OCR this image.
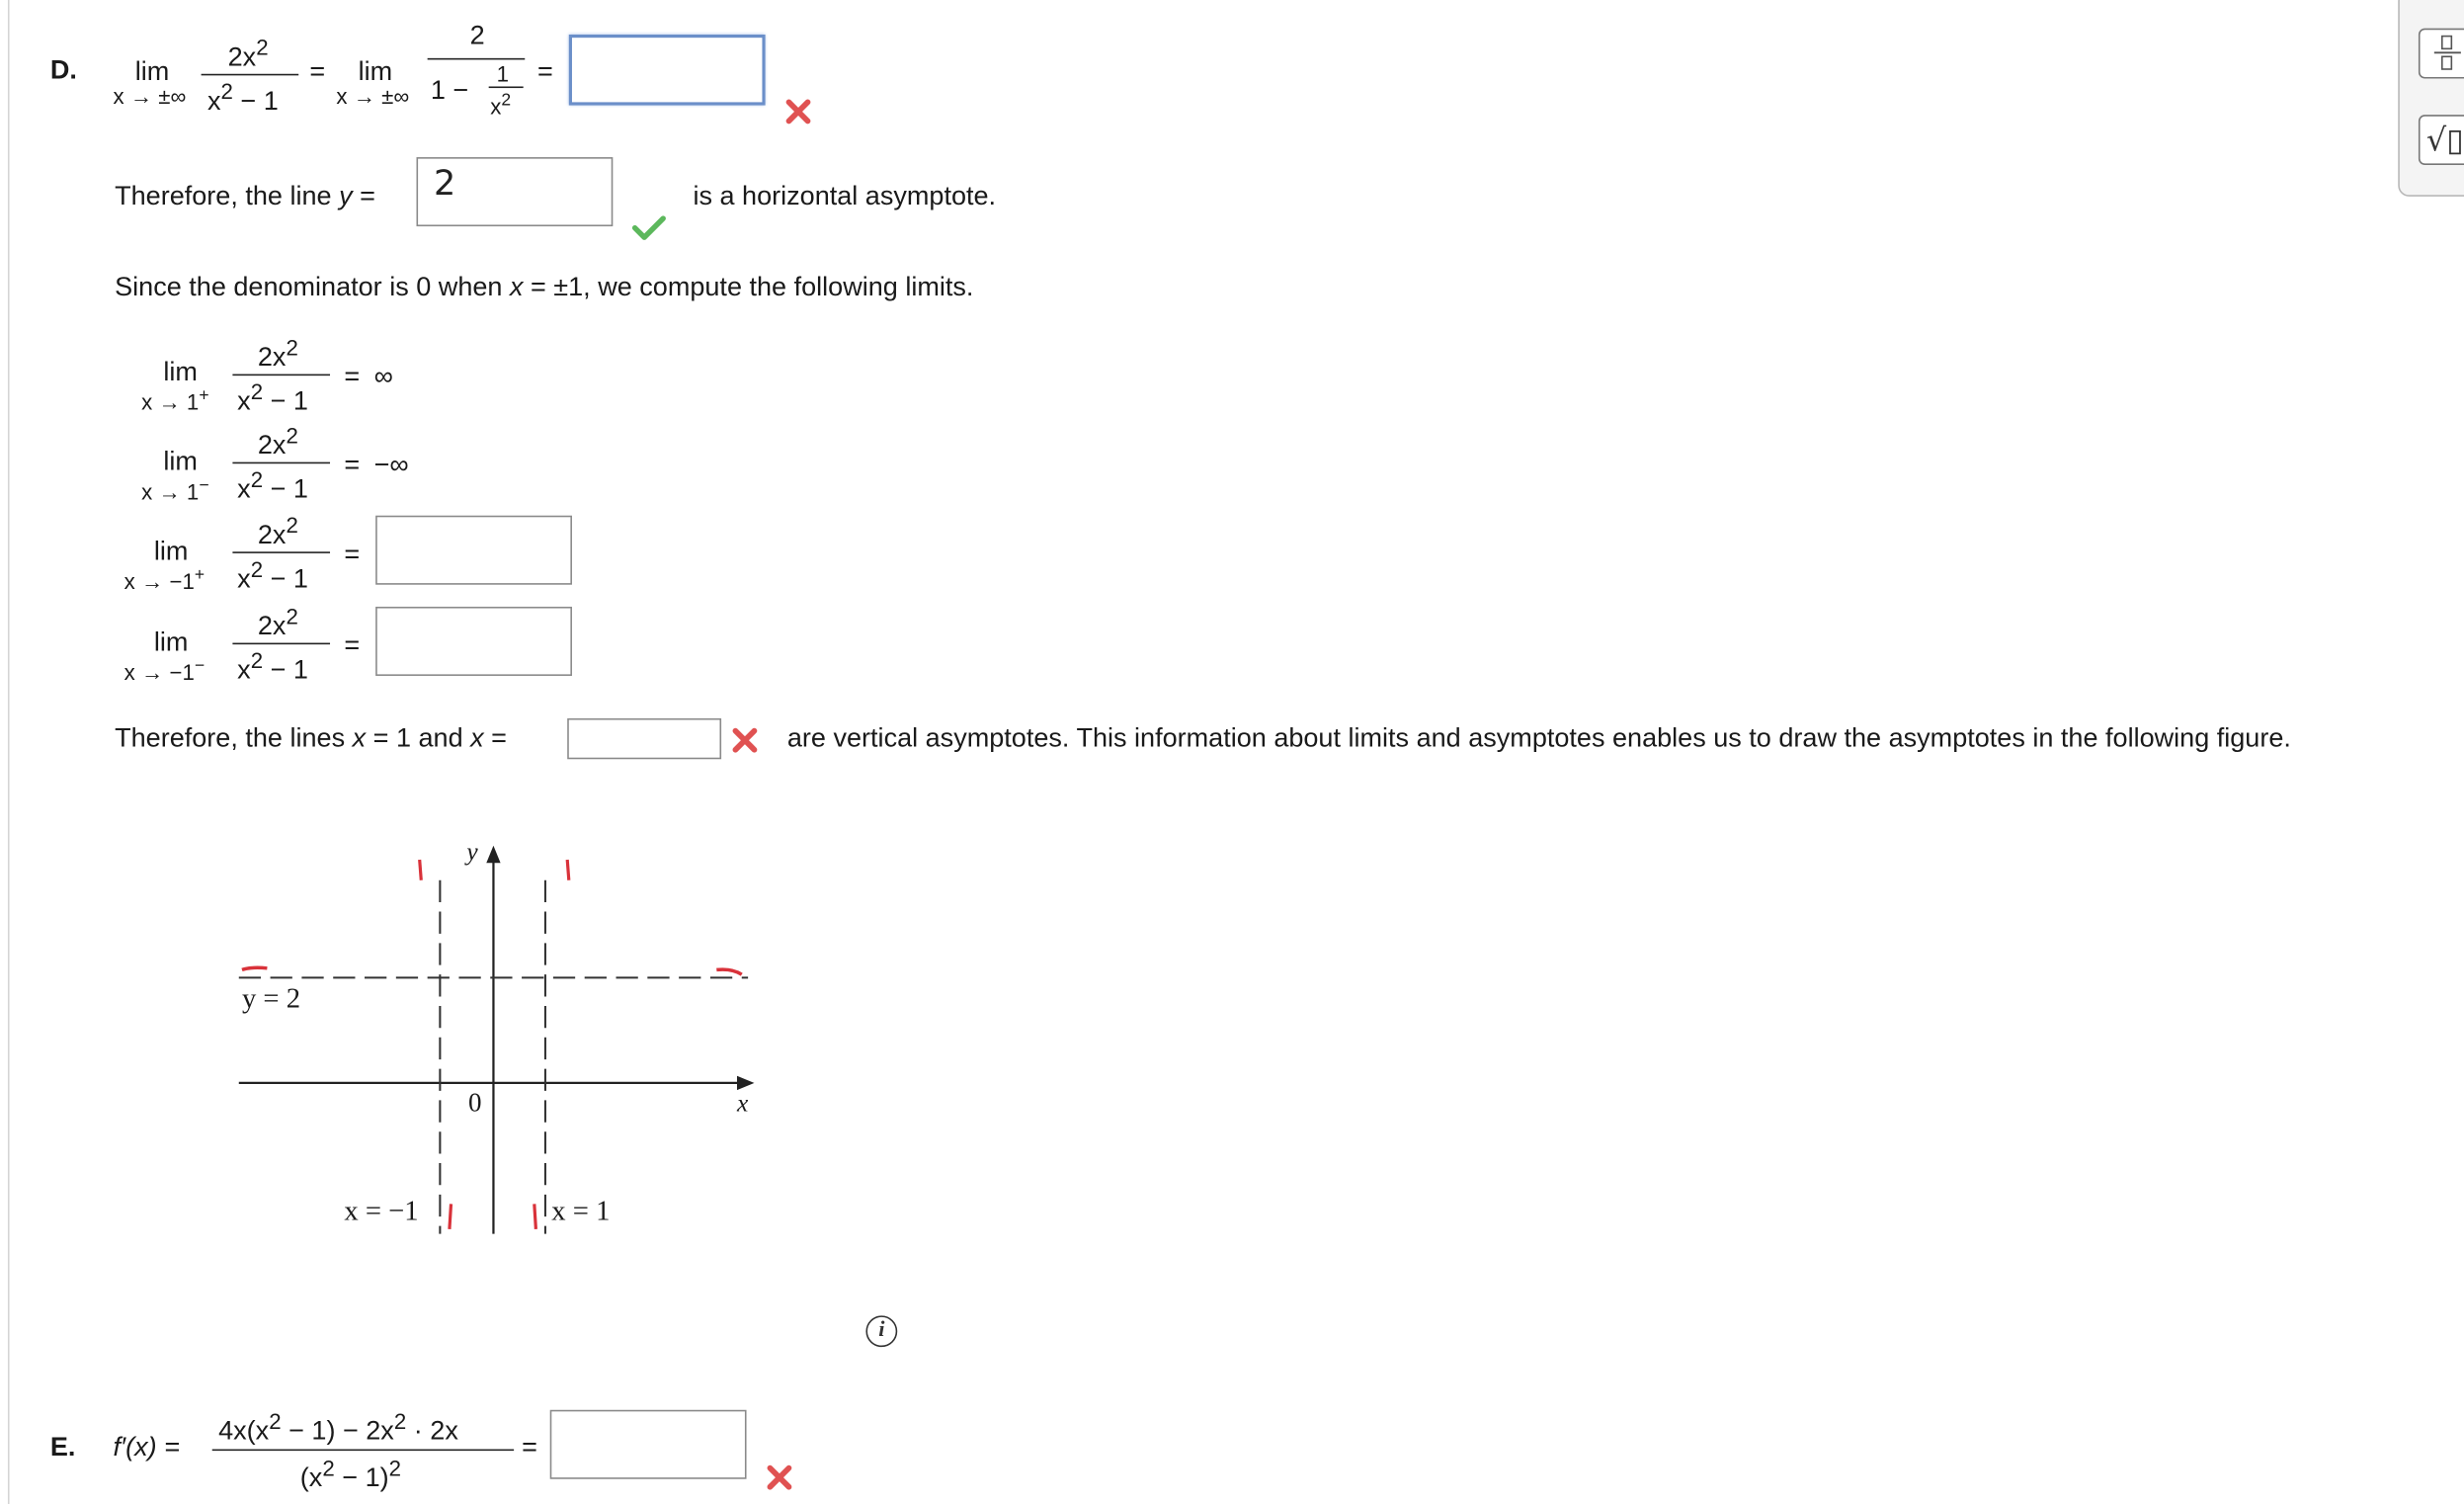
D.	lim
x → ±∞
$2x^2$
$x^2 - 1$
= lim
x → ±∞
2
1 −
1
$x^2$
=
Therefore, the line y =	2	is a horizontal asymptote.
Since the denominator is 0 when x = ±1, we compute the following limits.
lim
x → 1+
$2x^2$
$x^2 - 1$
= ∞
lim
x → 1−
$2x^2$
$x^2 - 1$
= −∞
lim
x → −1+
$2x^2$
$x^2 - 1$
=
lim
x → −1−
$2x^2$
$x^2 - 1$
=
Therefore, the lines x = 1 and x =	are vertical asymptotes. This information about limits and asymptotes enables us to draw the asymptotes in the following figure.
y
x
0
y = 2
x = −1	x = 1
i
E. f′(x) =
$4x(x^2 - 1) - 2x^2 \cdot 2x$
$(x^2 - 1)^2$
=
√▯
